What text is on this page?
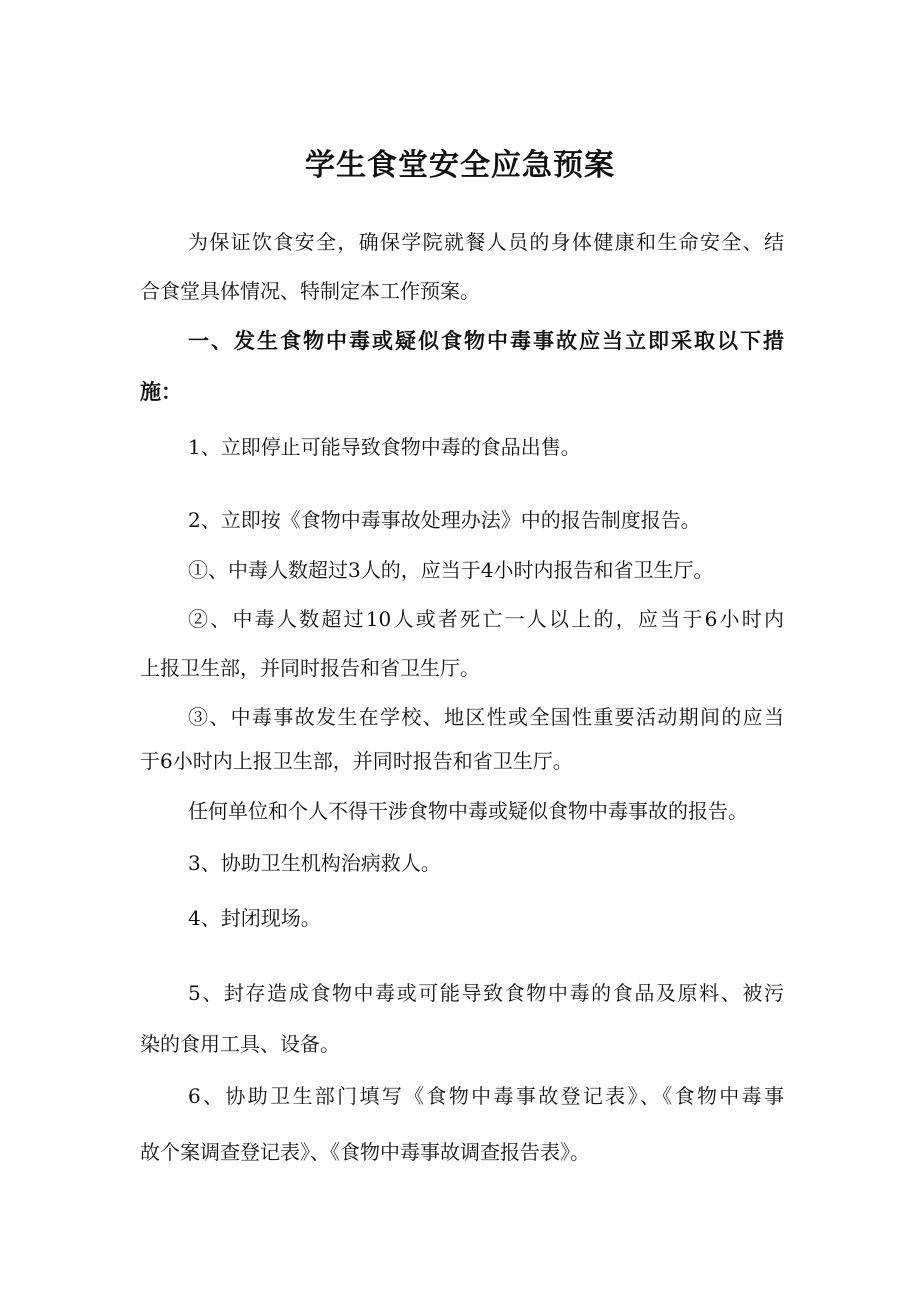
学生食堂安全应急预案
为保证饮食安全，确保学院就餐人员的身体健康和生命安全、结
合食堂具体情况、特制定本工作预案。
一、发生食物中毒或疑似食物中毒事故应当立即采取以下措
施：
1、立即停止可能导致食物中毒的食品出售。
2、立即按《食物中毒事故处理办法》中的报告制度报告。
①、中毒人数超过3人的，应当于4小时内报告和省卫生厅。
②、中毒人数超过10人或者死亡一人以上的，应当于6小时内
上报卫生部，并同时报告和省卫生厅。
③、中毒事故发生在学校、地区性或全国性重要活动期间的应当
于6小时内上报卫生部，并同时报告和省卫生厅。
任何单位和个人不得干涉食物中毒或疑似食物中毒事故的报告。
3、协助卫生机构治病救人。
4、封闭现场。
5、封存造成食物中毒或可能导致食物中毒的食品及原料、被污
染的食用工具、设备。
6、协助卫生部门填写《食物中毒事故登记表》、《食物中毒事
故个案调查登记表》、《食物中毒事故调查报告表》。
